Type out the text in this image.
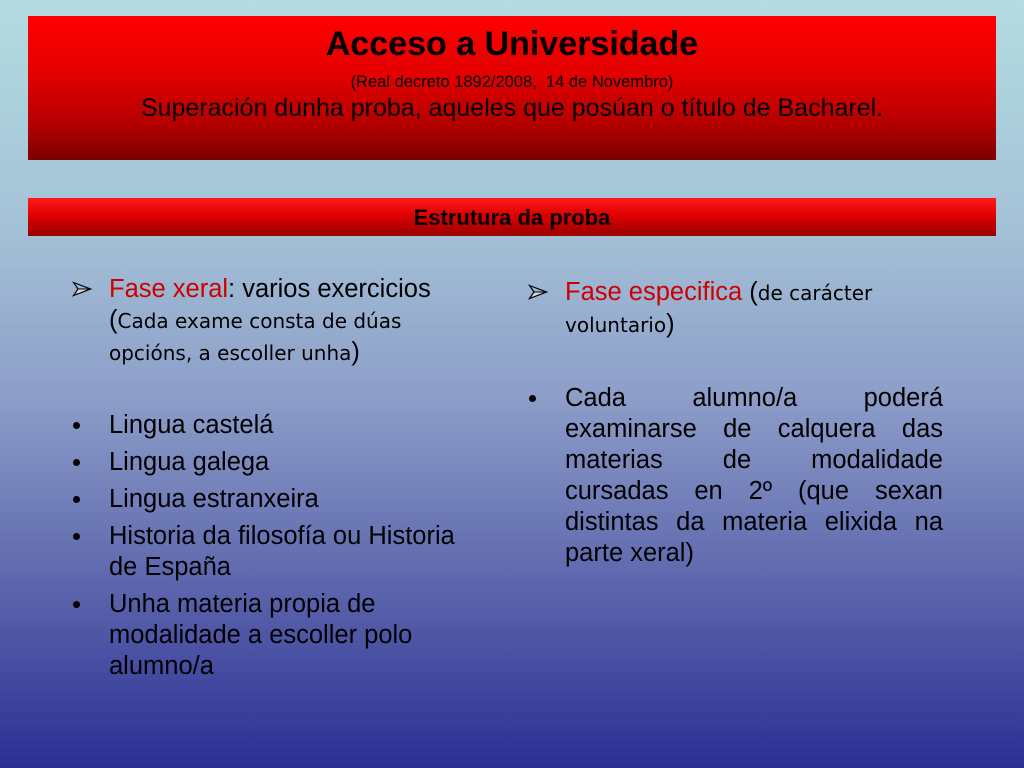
Acceso a Universidade
(Real decreto 1892/2008,  14 de Novembro)
Superación dunha proba, aqueles que posúan o título de Bacharel.
Estrutura da proba

Fase xeral: varios exercicios (Cada exame consta de dúas opcións, a escoller unha)

Lingua castelá
Lingua galega
Lingua estranxeira
Historia da filosofía ou Historia de España
Unha materia propia de modalidade a escoller polo alumno/a

Fase especifica (de carácter voluntario)

Cada alumno/a poderá examinarse de calquera das materias de modalidade cursadas en 2º (que sexan distintas da materia elixida na parte xeral)
